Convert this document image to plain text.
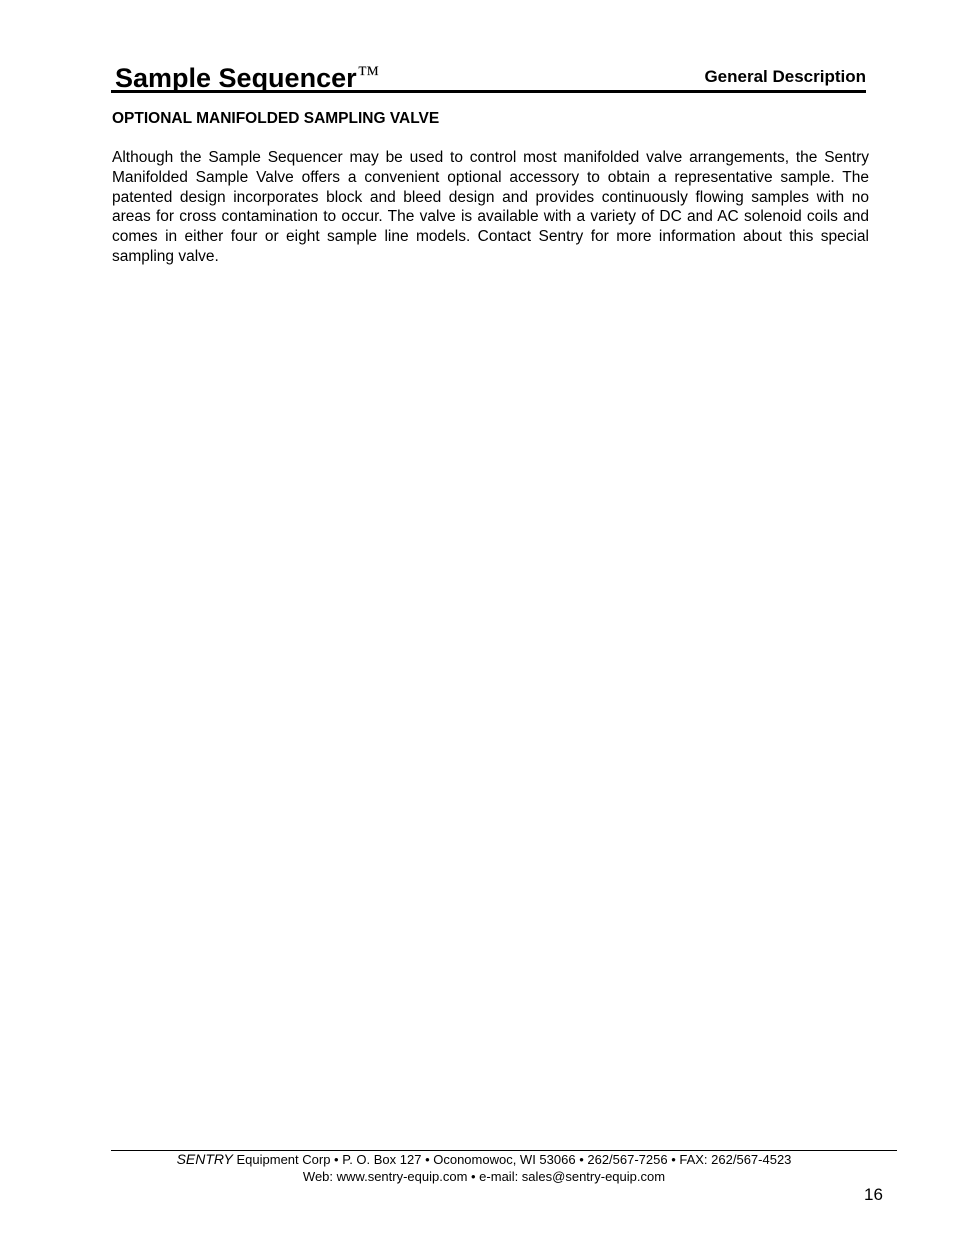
Sample Sequencer™	General Description
OPTIONAL MANIFOLDED SAMPLING VALVE

Although the Sample Sequencer may be used to control most manifolded valve arrangements, the Sentry Manifolded Sample Valve offers a convenient optional accessory to obtain a representative sample. The patented design incorporates block and bleed design and provides continuously flowing samples with no areas for cross contamination to occur. The valve is available with a variety of DC and AC solenoid coils and comes in either four or eight sample line models. Contact Sentry for more information about this special sampling valve.

SENTRY Equipment Corp • P. O. Box 127 • Oconomowoc, WI 53066 • 262/567-7256 • FAX: 262/567-4523
Web: www.sentry-equip.com • e-mail: sales@sentry-equip.com
16
